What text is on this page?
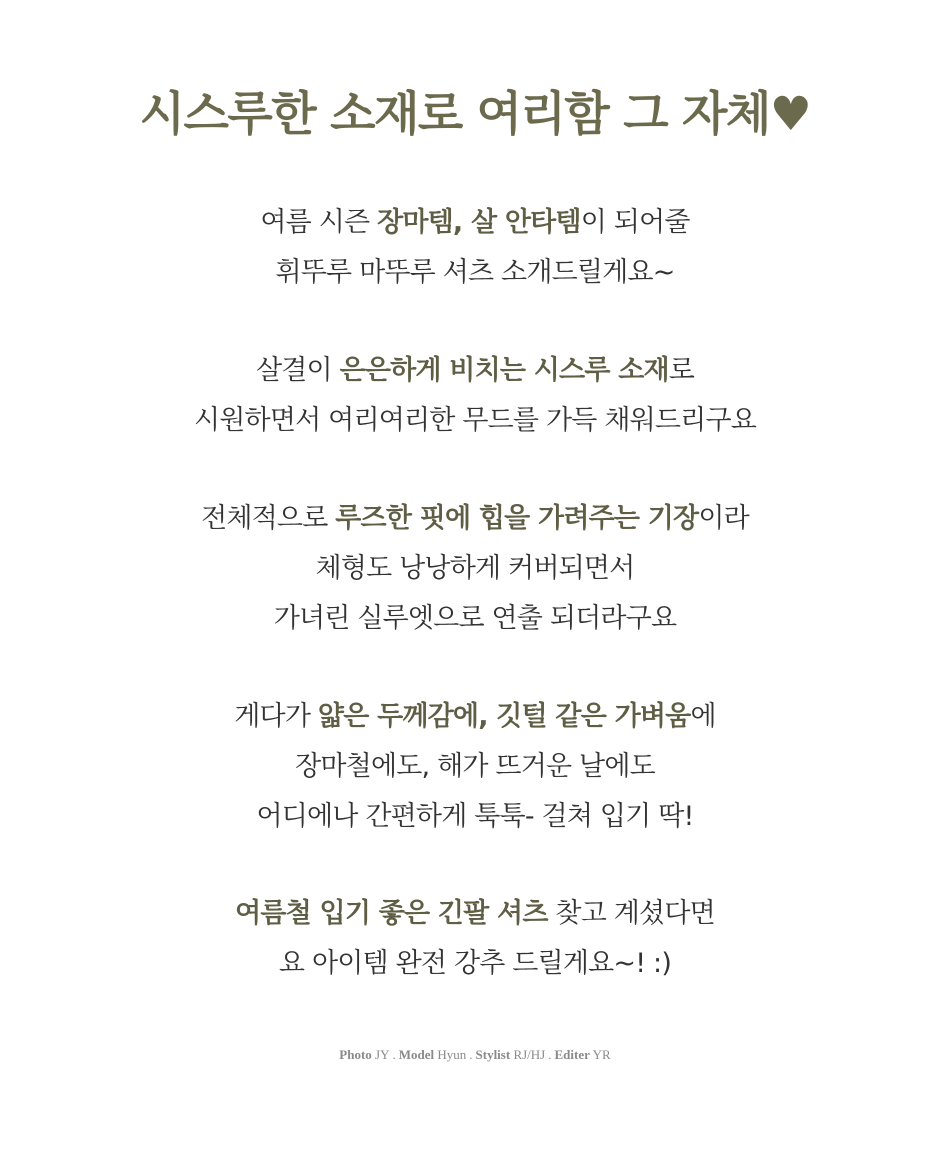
시스루한 소재로 여리함 그 자체♥
여름 시즌 장마템, 살 안타템이 되어줄
휘뚜루 마뚜루 셔츠 소개드릴게요~
살결이 은은하게 비치는 시스루 소재로
시원하면서 여리여리한 무드를 가득 채워드리구요
전체적으로 루즈한 핏에 힙을 가려주는 기장이라
체형도 낭낭하게 커버되면서
가녀린 실루엣으로 연출 되더라구요
게다가 얇은 두께감에, 깃털 같은 가벼움에
장마철에도, 해가 뜨거운 날에도
어디에나 간편하게 툭툭- 걸쳐 입기 딱!
여름철 입기 좋은 긴팔 셔츠 찾고 계셨다면
요 아이템 완전 강추 드릴게요~! :)
Photo JY . Model Hyun . Stylist RJ/HJ . Editer YR
